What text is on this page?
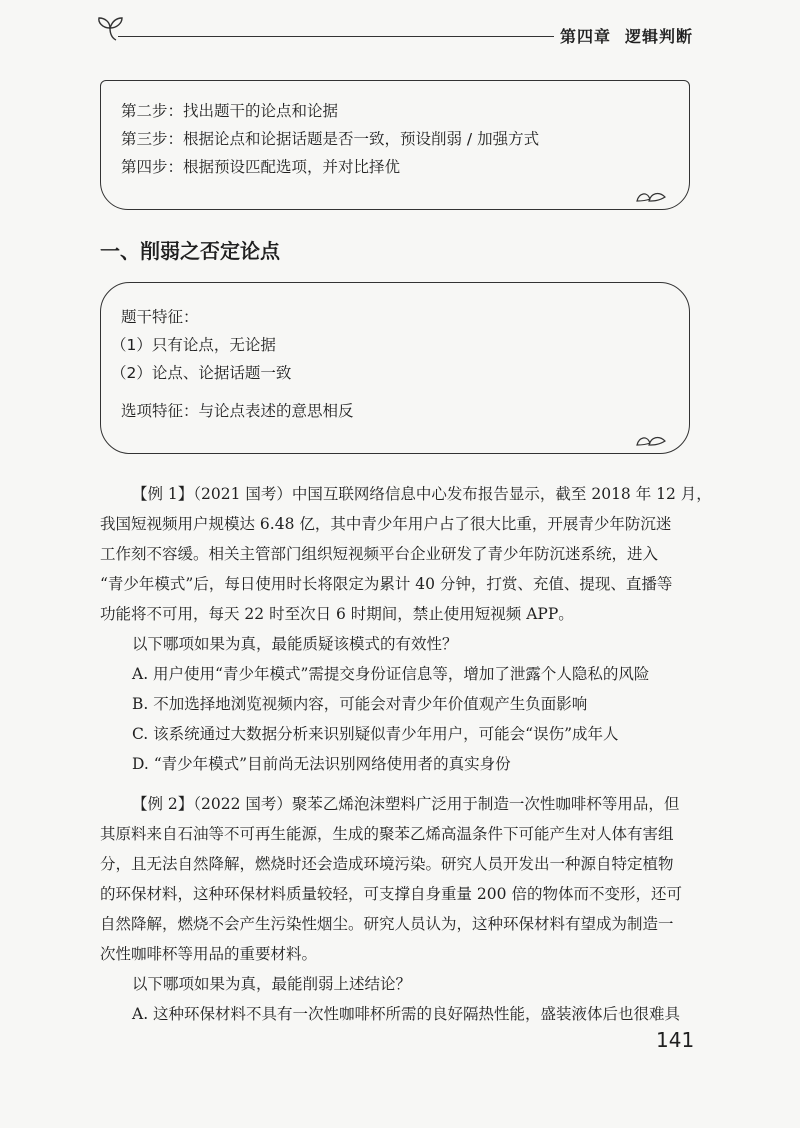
第四章 逻辑判断
第二步：找出题干的论点和论据
第三步：根据论点和论据话题是否一致，预设削弱 / 加强方式
第四步：根据预设匹配选项，并对比择优
一、削弱之否定论点
题干特征：
（1）只有论点，无论据
（2）论点、论据话题一致
选项特征：与论点表述的意思相反
【例 1】（2021 国考）中国互联网络信息中心发布报告显示，截至 2018 年 12 月，
我国短视频用户规模达 6.48 亿，其中青少年用户占了很大比重，开展青少年防沉迷
工作刻不容缓。相关主管部门组织短视频平台企业研发了青少年防沉迷系统，进入
“青少年模式”后，每日使用时长将限定为累计 40 分钟，打赏、充值、提现、直播等
功能将不可用，每天 22 时至次日 6 时期间，禁止使用短视频 APP。
以下哪项如果为真，最能质疑该模式的有效性？
A. 用户使用“青少年模式”需提交身份证信息等，增加了泄露个人隐私的风险
B. 不加选择地浏览视频内容，可能会对青少年价值观产生负面影响
C. 该系统通过大数据分析来识别疑似青少年用户，可能会“误伤”成年人
D. “青少年模式”目前尚无法识别网络使用者的真实身份
【例 2】（2022 国考）聚苯乙烯泡沫塑料广泛用于制造一次性咖啡杯等用品，但
其原料来自石油等不可再生能源，生成的聚苯乙烯高温条件下可能产生对人体有害组
分，且无法自然降解，燃烧时还会造成环境污染。研究人员开发出一种源自特定植物
的环保材料，这种环保材料质量较轻，可支撑自身重量 200 倍的物体而不变形，还可
自然降解，燃烧不会产生污染性烟尘。研究人员认为，这种环保材料有望成为制造一
次性咖啡杯等用品的重要材料。
以下哪项如果为真，最能削弱上述结论？
A. 这种环保材料不具有一次性咖啡杯所需的良好隔热性能，盛装液体后也很难具
141
